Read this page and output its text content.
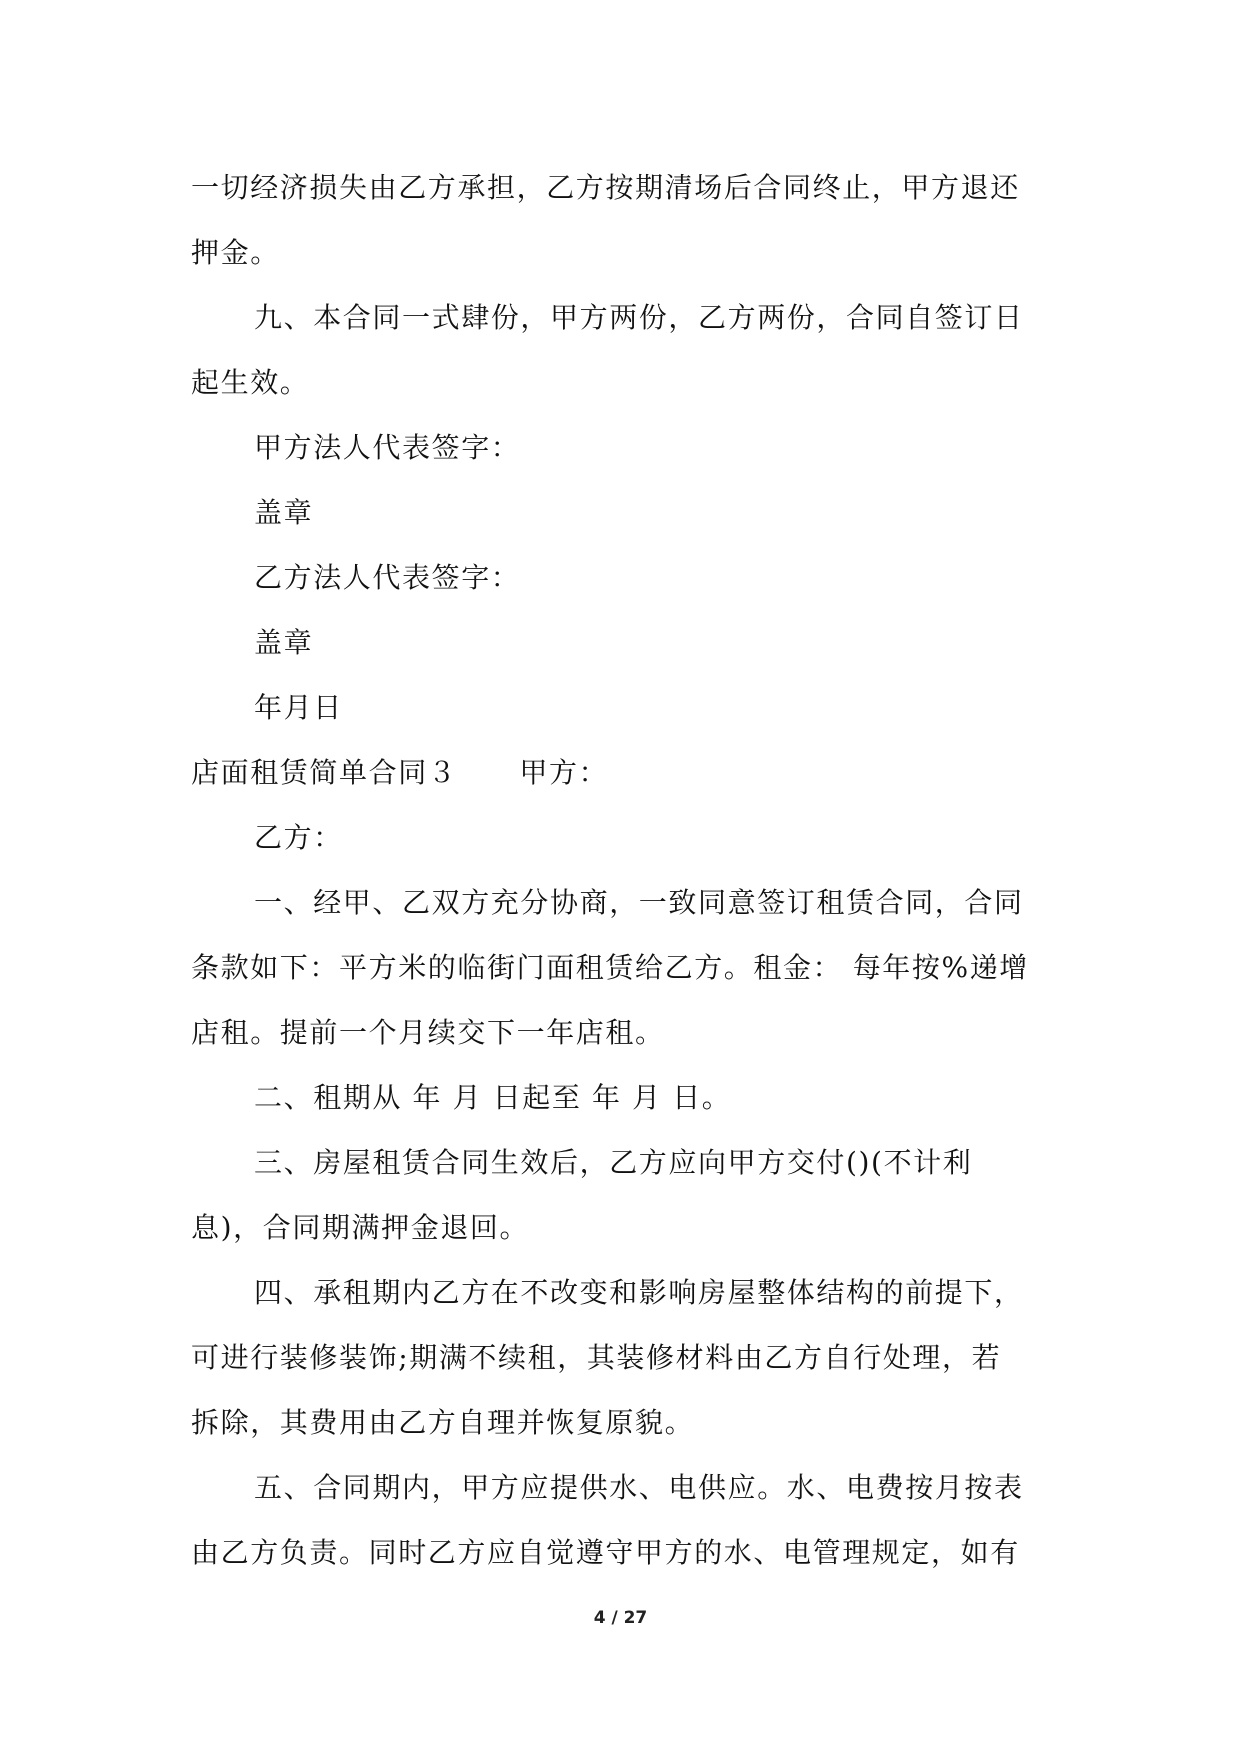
一切经济损失由乙方承担，乙方按期清场后合同终止，甲方退还
押金。
九、本合同一式肆份，甲方两份，乙方两份，合同自签订日
起生效。
甲方法人代表签字：
盖章
乙方法人代表签字：
盖章
年月日
店面租赁简单合同３ 甲方：
乙方：
一、经甲、乙双方充分协商，一致同意签订租赁合同，合同
条款如下：平方米的临街门面租赁给乙方。租金： 每年按%递增
店租。提前一个月续交下一年店租。
二、租期从 年 月 日起至 年 月 日。
三、房屋租赁合同生效后，乙方应向甲方交付()(不计利
息)，合同期满押金退回。
四、承租期内乙方在不改变和影响房屋整体结构的前提下，
可进行装修装饰;期满不续租，其装修材料由乙方自行处理，若
拆除，其费用由乙方自理并恢复原貌。
五、合同期内，甲方应提供水、电供应。水、电费按月按表
由乙方负责。同时乙方应自觉遵守甲方的水、电管理规定，如有
4 / 27
